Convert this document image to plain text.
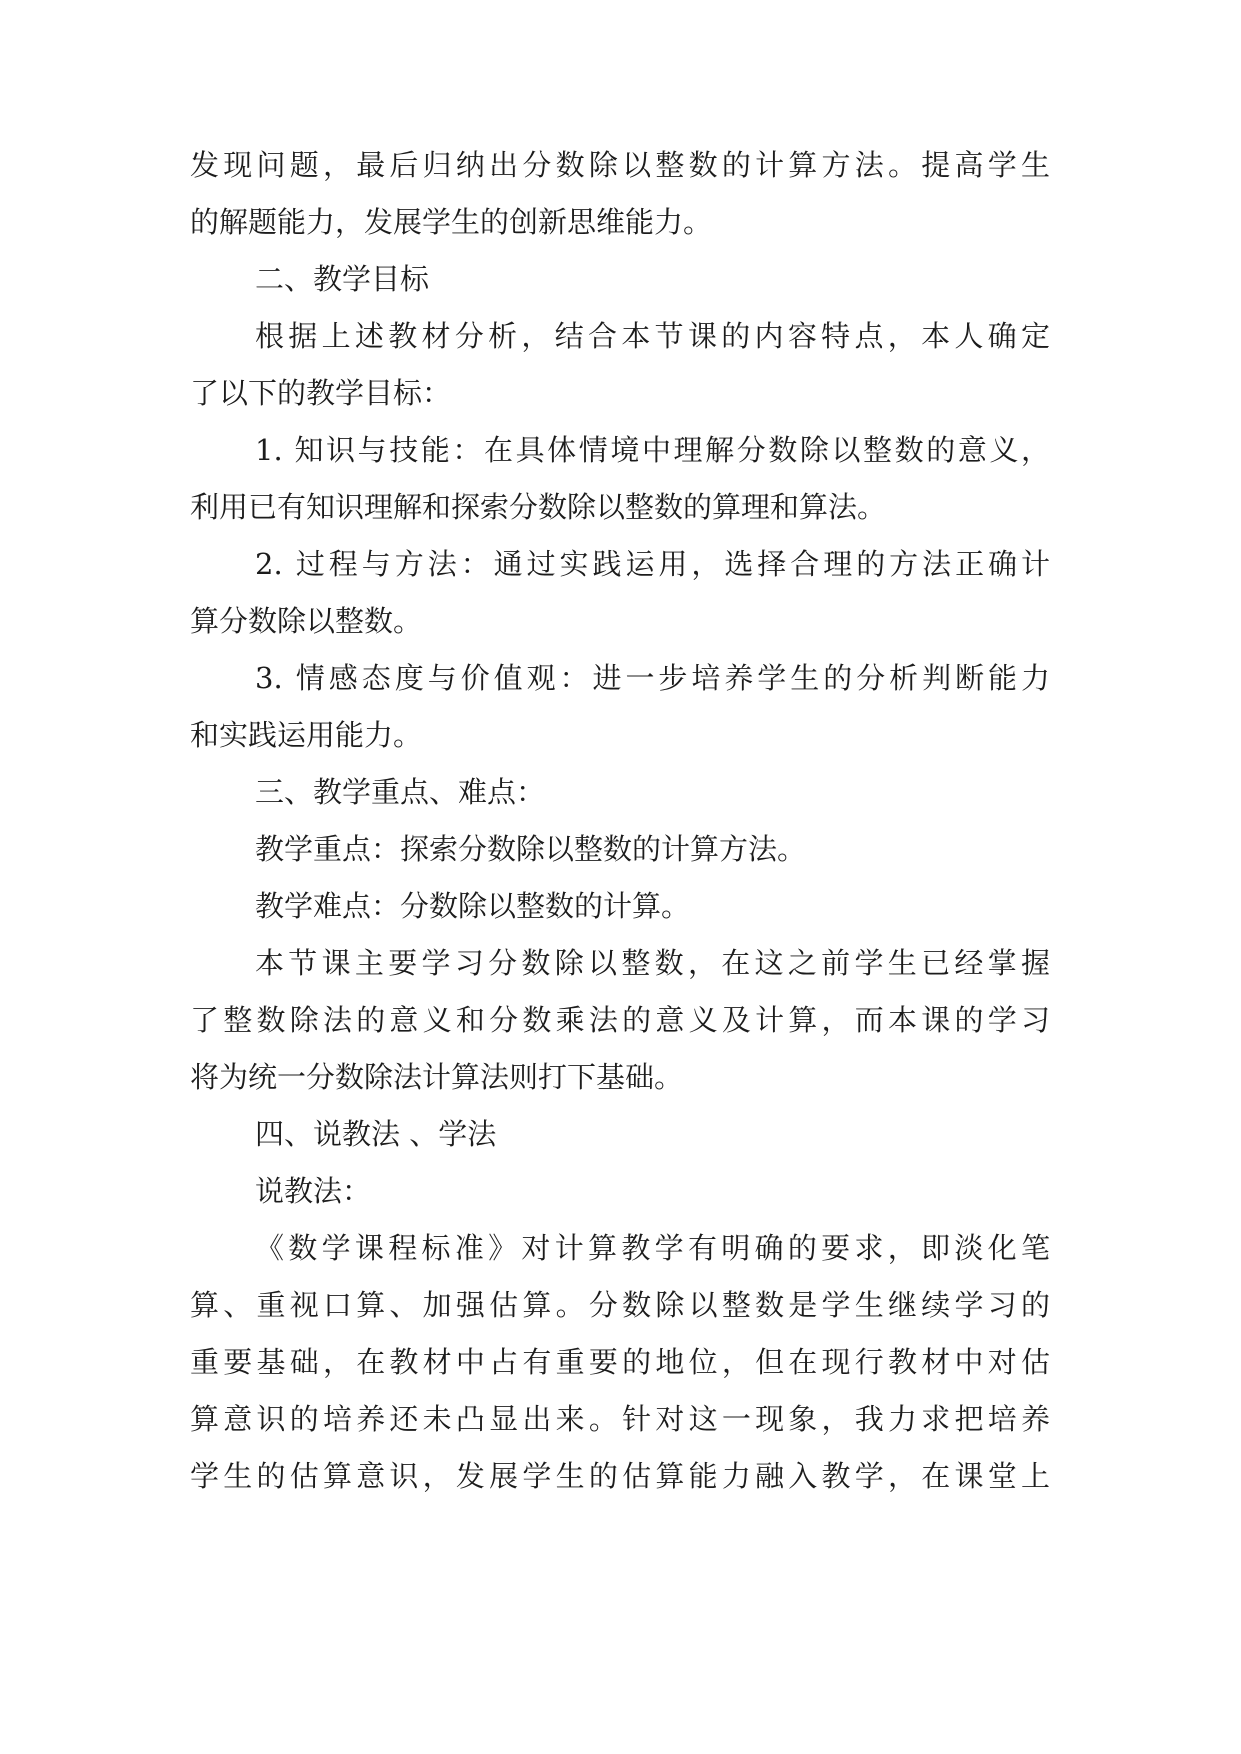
发现问题，最后归纳出分数除以整数的计算方法。提高学生
的解题能力，发展学生的创新思维能力。
二、教学目标
根据上述教材分析，结合本节课的内容特点，本人确定
了以下的教学目标：
1. 知识与技能：在具体情境中理解分数除以整数的意义，
利用已有知识理解和探索分数除以整数的算理和算法。
2. 过程与方法：通过实践运用，选择合理的方法正确计
算分数除以整数。
3. 情感态度与价值观：进一步培养学生的分析判断能力
和实践运用能力。
三、教学重点、难点：
教学重点：探索分数除以整数的计算方法。
教学难点：分数除以整数的计算。
本节课主要学习分数除以整数，在这之前学生已经掌握
了整数除法的意义和分数乘法的意义及计算，而本课的学习
将为统一分数除法计算法则打下基础。
四、说教法 、学法
说教法：
《数学课程标准》对计算教学有明确的要求，即淡化笔
算、重视口算、加强估算。分数除以整数是学生继续学习的
重要基础，在教材中占有重要的地位，但在现行教材中对估
算意识的培养还未凸显出来。针对这一现象，我力求把培养
学生的估算意识，发展学生的估算能力融入教学，在课堂上
